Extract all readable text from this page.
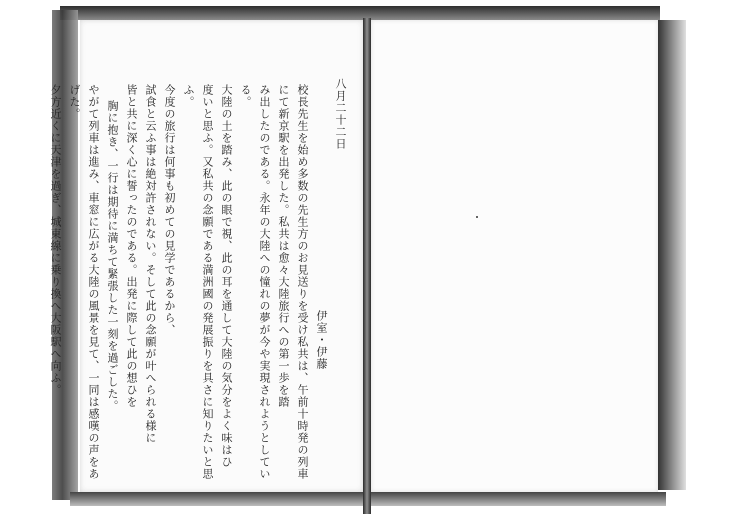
八月二十二日
伊室・伊藤
校長先生を始め多数の先生方のお見送りを受け私共は、午前十時発の列車
にて新京駅を出発した。私共は愈々大陸旅行への第一歩を踏
み出したのである。永年の大陸への憧れの夢が今や実現されようとしている。
大陸の土を踏み、此の眼で視、此の耳を通して大陸の気分をよく味はひ
度いと思ふ。又私共の念願である満洲國の発展振りを具さに知りたいと思ふ。
今度の旅行は何事も初めての見学であるから、
試食と云ふ事は絶対許されない。そして此の念願が叶へられる様に
皆と共に深く心に誓ったのである。出発に際して此の想ひを
胸に抱き、一行は期待に満ちて緊張した一刻を過ごした。
やがて列車は進み、車窓に広がる大陸の風景を見て、一同は感嘆の声をあげた。
夕方近くに天津を過ぎ、城東線に乗り換へ大阪駅へ向ふ。
